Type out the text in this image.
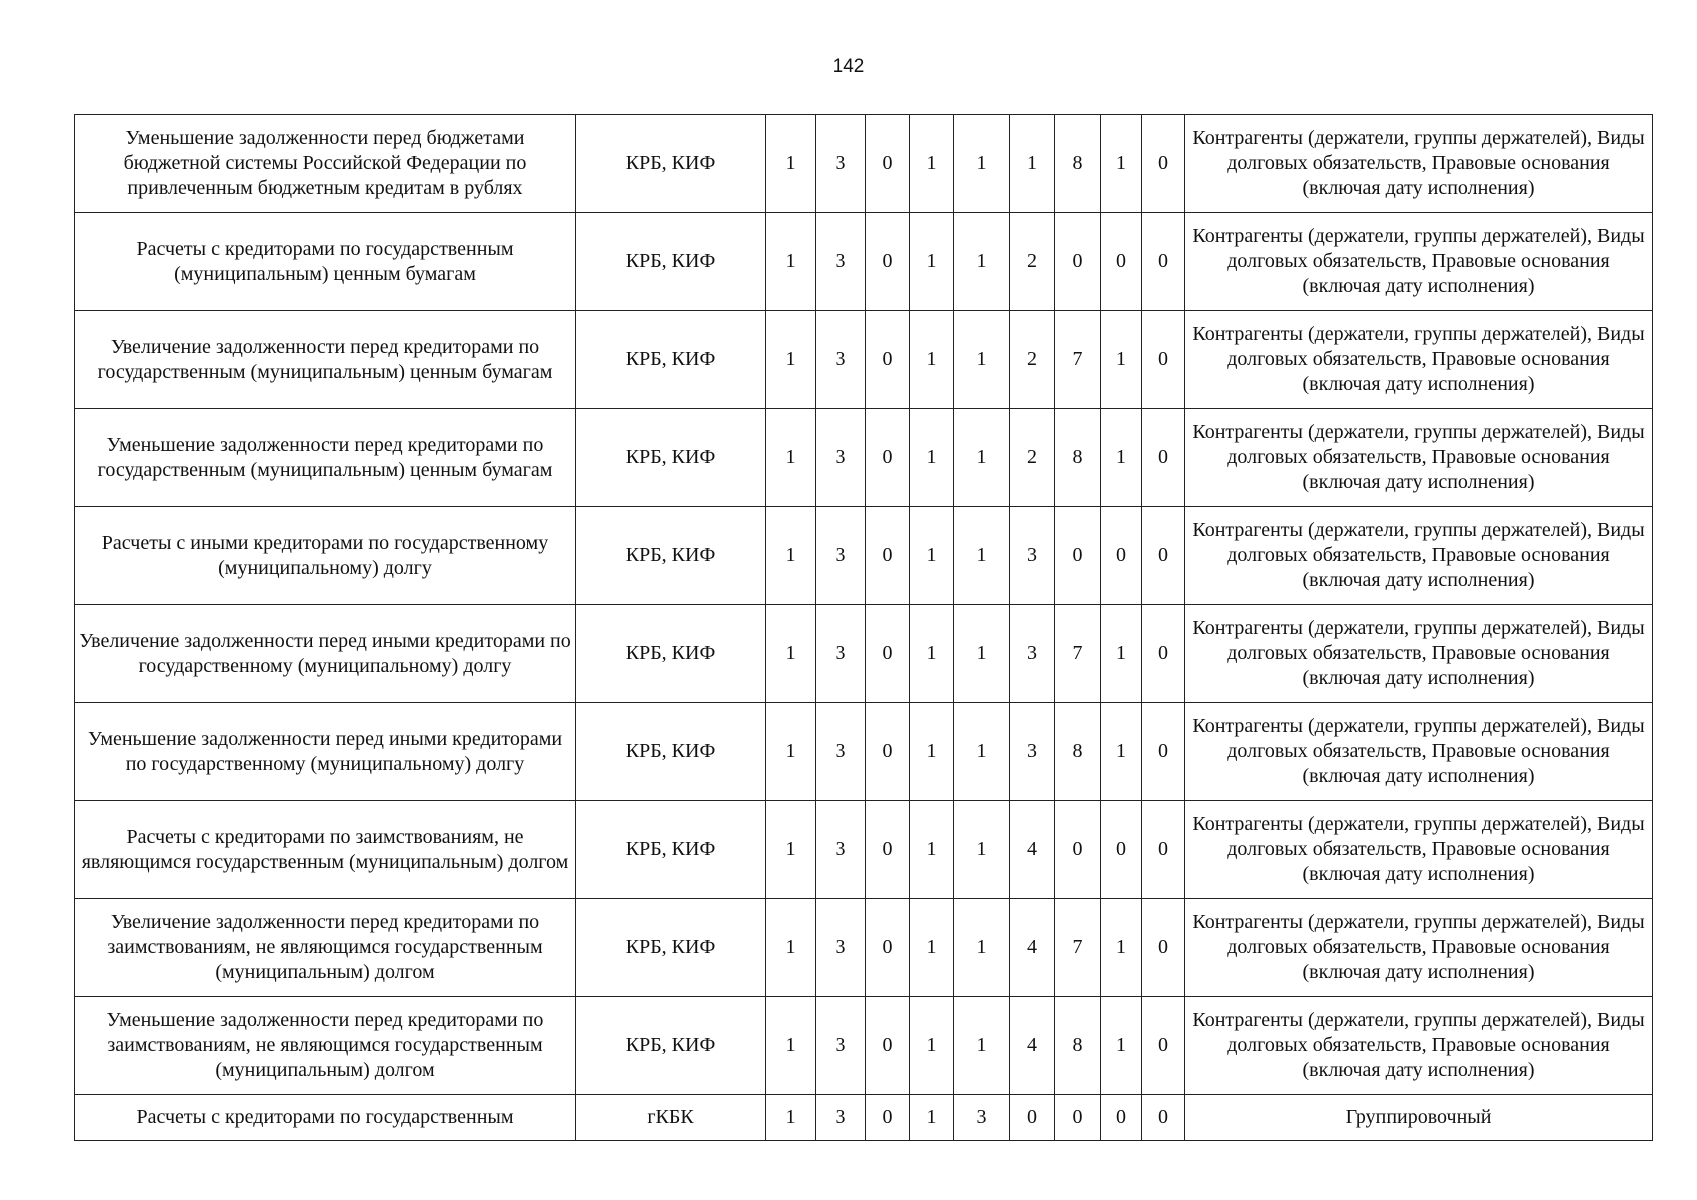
142
Уменьшение задолженности перед бюджетами бюджетной системы Российской Федерации по привлеченным бюджетным кредитам в рублях	КРБ, КИФ	1	3	0	1	1	1	8	1	0	Контрагенты (держатели, группы держателей), Виды долговых обязательств, Правовые основания (включая дату исполнения)
Расчеты с кредиторами по государственным (муниципальным) ценным бумагам	КРБ, КИФ	1	3	0	1	1	2	0	0	0	Контрагенты (держатели, группы держателей), Виды долговых обязательств, Правовые основания (включая дату исполнения)
Увеличение задолженности перед кредиторами по государственным (муниципальным) ценным бумагам	КРБ, КИФ	1	3	0	1	1	2	7	1	0	Контрагенты (держатели, группы держателей), Виды долговых обязательств, Правовые основания (включая дату исполнения)
Уменьшение задолженности перед кредиторами по государственным (муниципальным) ценным бумагам	КРБ, КИФ	1	3	0	1	1	2	8	1	0	Контрагенты (держатели, группы держателей), Виды долговых обязательств, Правовые основания (включая дату исполнения)
Расчеты с иными кредиторами по государственному (муниципальному) долгу	КРБ, КИФ	1	3	0	1	1	3	0	0	0	Контрагенты (держатели, группы держателей), Виды долговых обязательств, Правовые основания (включая дату исполнения)
Увеличение задолженности перед иными кредиторами по государственному (муниципальному) долгу	КРБ, КИФ	1	3	0	1	1	3	7	1	0	Контрагенты (держатели, группы держателей), Виды долговых обязательств, Правовые основания (включая дату исполнения)
Уменьшение задолженности перед иными кредиторами по государственному (муниципальному) долгу	КРБ, КИФ	1	3	0	1	1	3	8	1	0	Контрагенты (держатели, группы держателей), Виды долговых обязательств, Правовые основания (включая дату исполнения)
Расчеты с кредиторами по заимствованиям, не являющимся государственным (муниципальным) долгом	КРБ, КИФ	1	3	0	1	1	4	0	0	0	Контрагенты (держатели, группы держателей), Виды долговых обязательств, Правовые основания (включая дату исполнения)
Увеличение задолженности перед кредиторами по заимствованиям, не являющимся государственным (муниципальным) долгом	КРБ, КИФ	1	3	0	1	1	4	7	1	0	Контрагенты (держатели, группы держателей), Виды долговых обязательств, Правовые основания (включая дату исполнения)
Уменьшение задолженности перед кредиторами по заимствованиям, не являющимся государственным (муниципальным) долгом	КРБ, КИФ	1	3	0	1	1	4	8	1	0	Контрагенты (держатели, группы держателей), Виды долговых обязательств, Правовые основания (включая дату исполнения)
Расчеты с кредиторами по государственным	гКБК	1	3	0	1	3	0	0	0	0	Группировочный
